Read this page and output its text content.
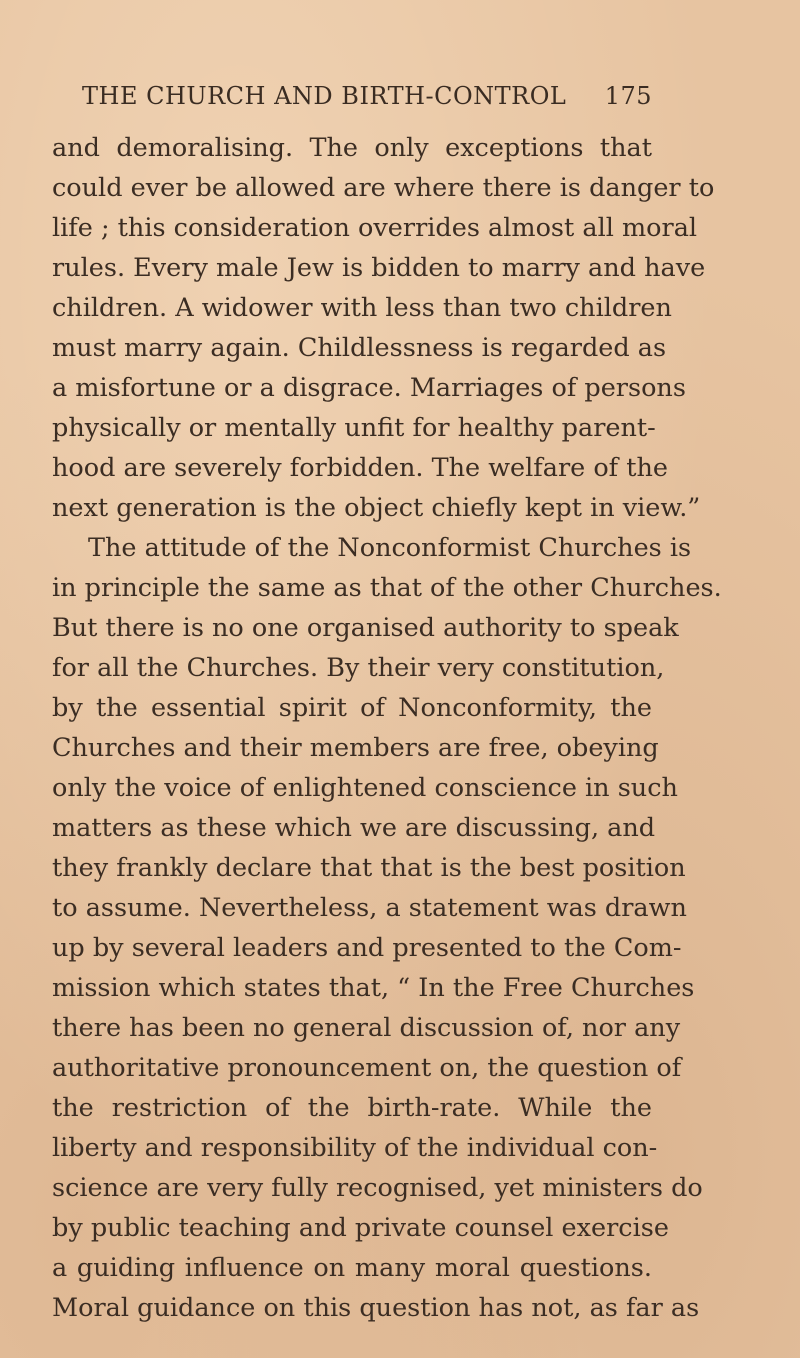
THE CHURCH AND BIRTH-CONTROL 175
and demoralising. The only exceptions that
could ever be allowed are where there is danger to
life ; this consideration overrides almost all moral
rules. Every male Jew is bidden to marry and have
children. A widower with less than two children
must marry again. Childlessness is regarded as
a misfortune or a disgrace. Marriages of persons
physically or mentally unfit for healthy parent-
hood are severely forbidden. The welfare of the
next generation is the object chiefly kept in view.”
The attitude of the Nonconformist Churches is
in principle the same as that of the other Churches.
But there is no one organised authority to speak
for all the Churches. By their very constitution,
by the essential spirit of Nonconformity, the
Churches and their members are free, obeying
only the voice of enlightened conscience in such
matters as these which we are discussing, and
they frankly declare that that is the best position
to assume. Nevertheless, a statement was drawn
up by several leaders and presented to the Com-
mission which states that, “ In the Free Churches
there has been no general discussion of, nor any
authoritative pronouncement on, the question of
the restriction of the birth-rate. While the
liberty and responsibility of the individual con-
science are very fully recognised, yet ministers do
by public teaching and private counsel exercise
a guiding influence on many moral questions.
Moral guidance on this question has not, as far as
